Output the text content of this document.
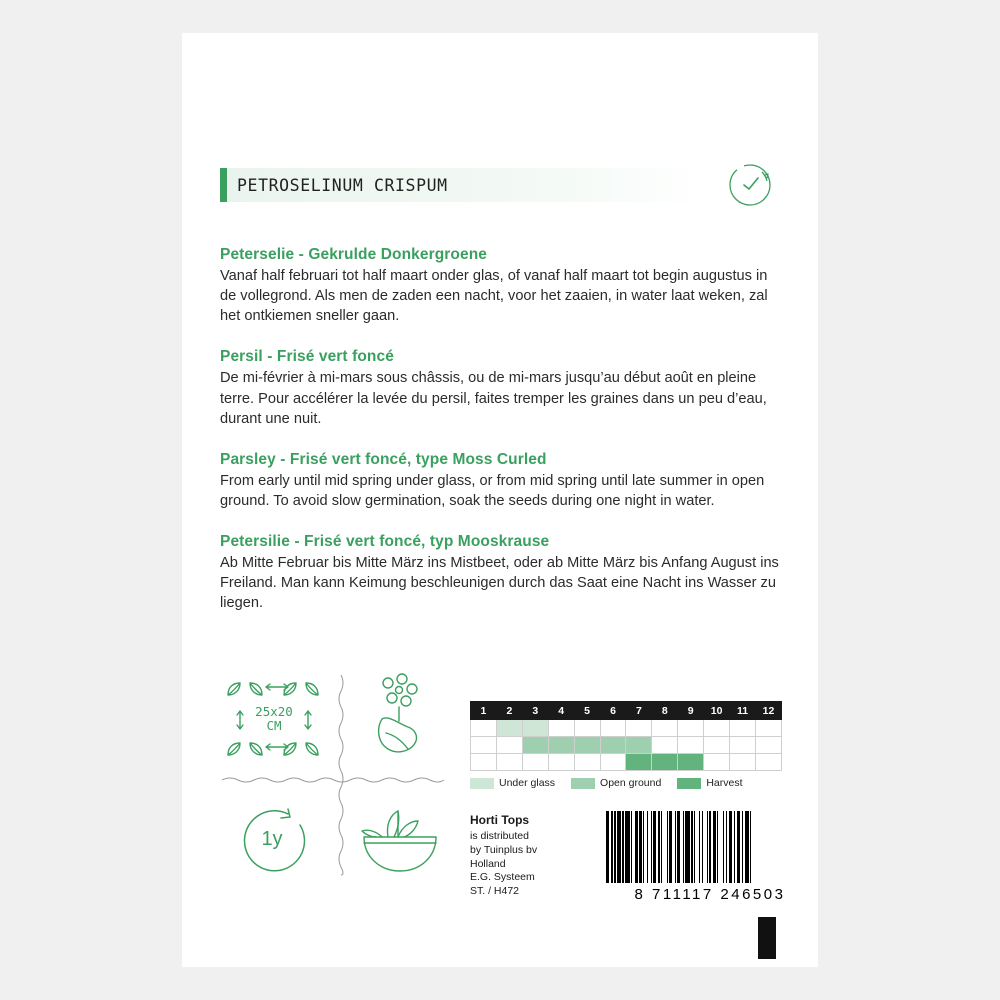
PETROSELINUM CRISPUM

Peterselie - Gekrulde Donkergroene

Vanaf half februari tot half maart onder glas, of vanaf half maart tot begin augustus in de vollegrond. Als men de zaden een nacht, voor het zaaien, in water laat weken, zal het ontkiemen sneller gaan.

Persil - Frisé vert foncé

De mi-février à mi-mars sous châssis, ou de mi-mars jusqu’au début août en pleine terre. Pour accélérer la levée du persil, faites tremper les graines dans un peu d’eau, durant une nuit.

Parsley - Frisé vert foncé, type Moss Curled

From early until mid spring under glass, or from mid spring until late summer in open ground. To avoid slow germination, soak the seeds during one night in water.

Petersilie - Frisé vert foncé, typ Mooskrause

Ab Mitte Februar bis Mitte März ins Mistbeet, oder ab Mitte März bis Anfang August ins Freiland. Man kann Keimung beschleunigen durch das Saat eine Nacht ins Wasser zu liegen.

25x20
CM
1y
1	2	3	4	5	6	7	8	9	10	11	12

Under glass	Open ground	Harvest
Horti Tops
is distributed
by Tuinplus bv
Holland
E.G. Systeem
ST. / H472	8 711117 246503
